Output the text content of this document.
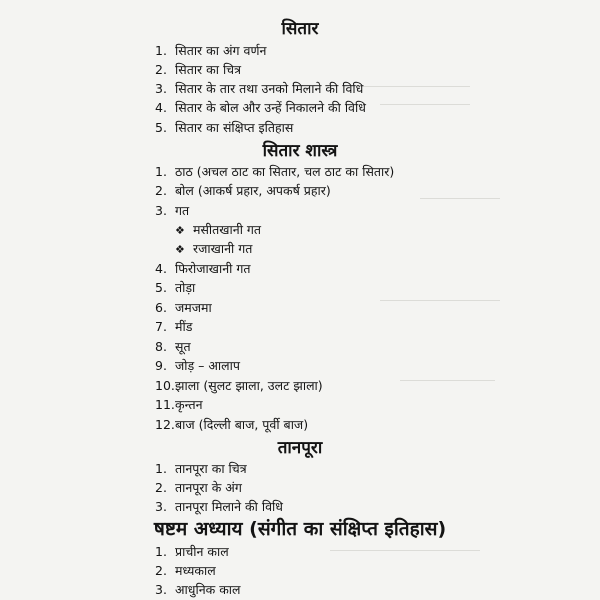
सितार
1. सितार का अंग वर्णन
2. सितार का चित्र
3. सितार के तार तथा उनको मिलाने की विधि
4. सितार के बोल और उन्हें निकालने की विधि
5. सितार का संक्षिप्त इतिहास
सितार शास्त्र
1. ठाठ (अचल ठाट का सितार, चल ठाट का सितार)
2. बोल (आकर्ष प्रहार, अपकर्ष प्रहार)
3. गत
❖ मसीतखानी गत
❖ रजाखानी गत
4. फिरोजाखानी गत
5. तोड़ा
6. जमजमा
7. मींड
8. सूत
9. जोड़ – आलाप
10.झाला (सुलट झाला, उलट झाला)
11.कृन्तन
12.बाज (दिल्ली बाज, पूर्वी बाज)
तानपूरा
1. तानपूरा का चित्र
2. तानपूरा के अंग
3. तानपूरा मिलाने की विधि
षष्टम अध्याय (संगीत का संक्षिप्त इतिहास)
1. प्राचीन काल
2. मध्यकाल
3. आधुनिक काल
